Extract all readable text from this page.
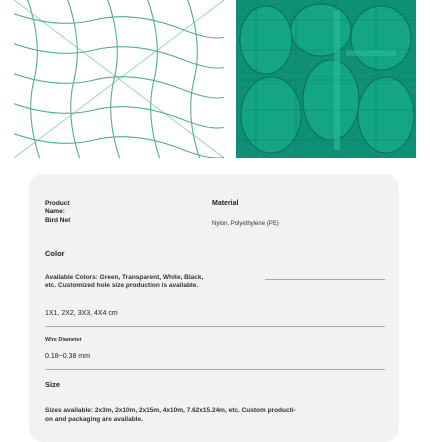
Product

Name:

Bird Net

Material

Nylon, Polyethylene (PE)

Color

Available Colors: Green, Transparent, White, Black,

etc. Customized hole size production is available.

1X1, 2X2, 3X3, 4X4 cm

Wire Diameter

0.18~0.38 mm

Size

Sizes available: 2x3m, 2x10m, 2x15m, 4x10m, 7.62x15.24m, etc. Custom producti-

on and packaging are available.
